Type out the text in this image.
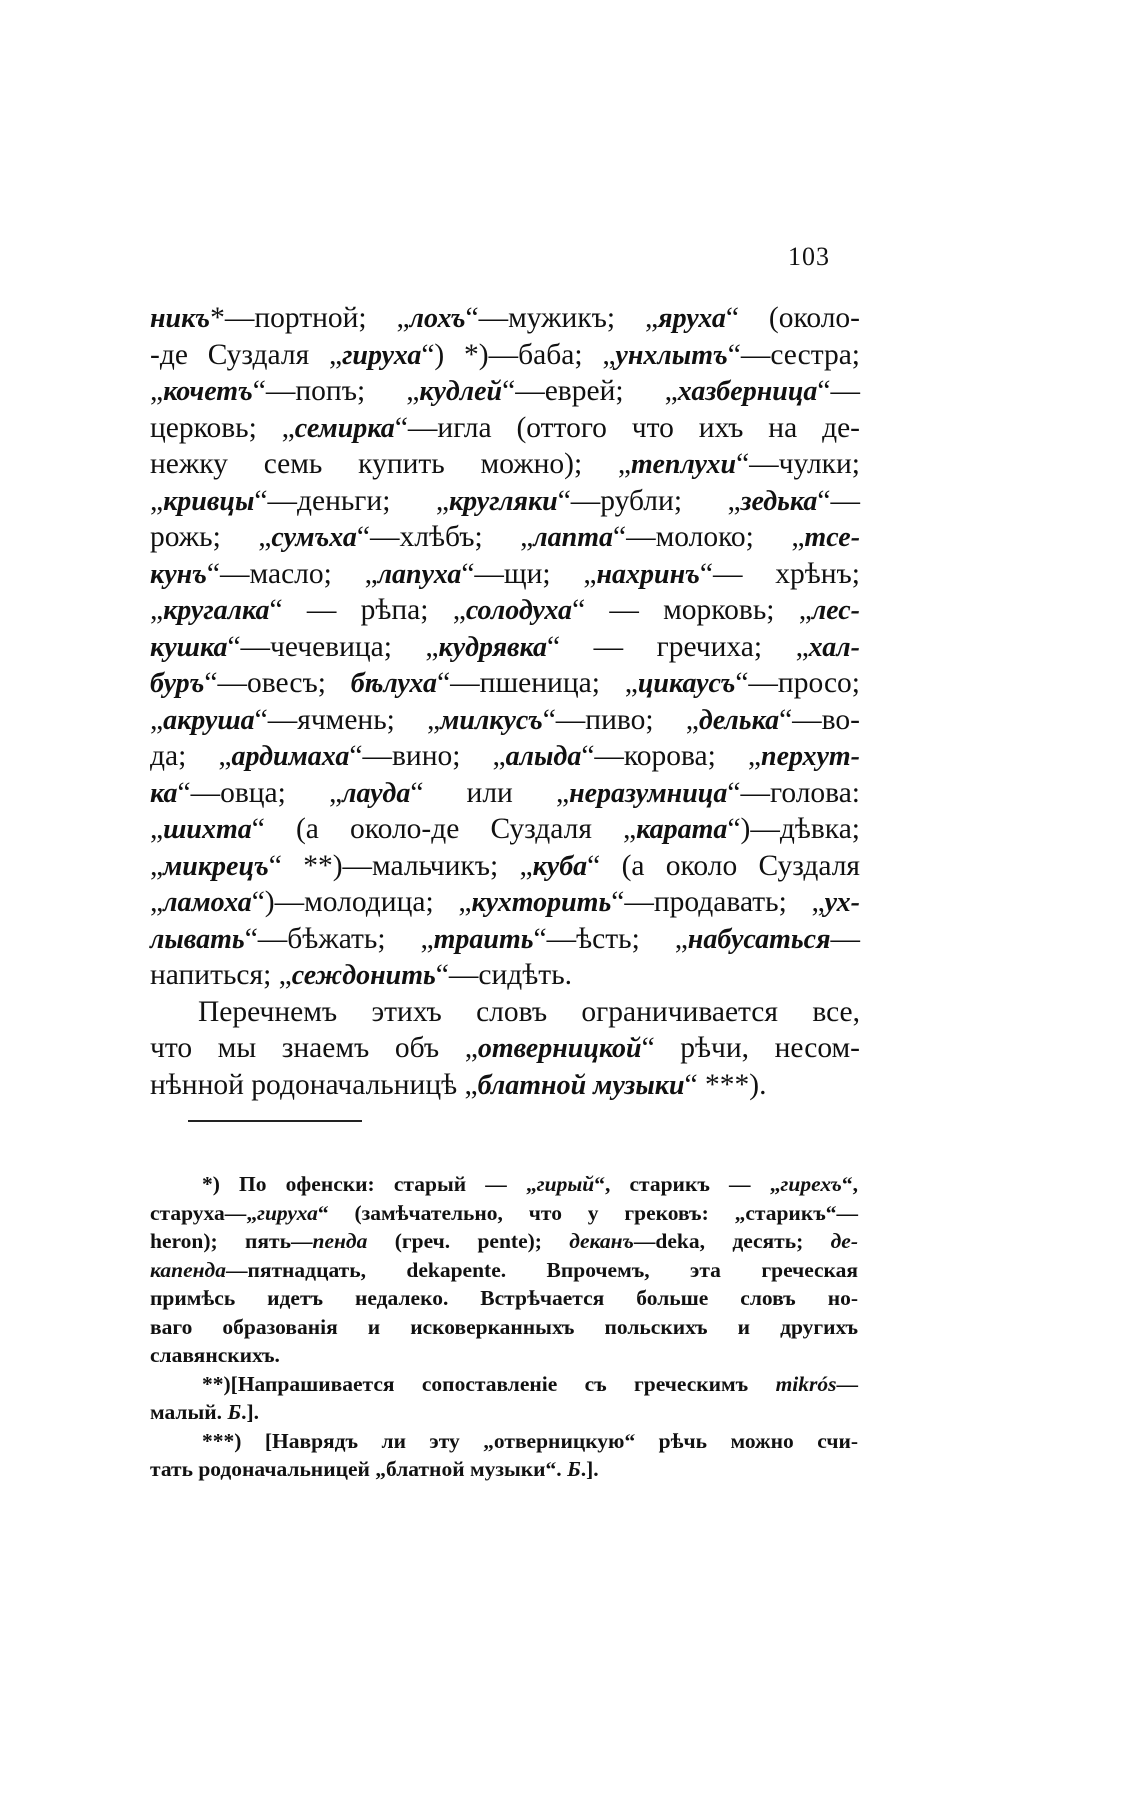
103
никъ*—портной; „лохъ“—мужикъ; „яруха“ (около-
-де Суздаля „гируха“) *)—баба; „унхлытъ“—сестра;
„кочетъ“—попъ; „кудлей“—еврей; „хазберница“—
церковь; „семирка“—игла (оттого что ихъ на де-
нежку семь купить можно); „теплухи“—чулки;
„кривцы“—деньги; „кругляки“—рубли; „зедька“—
рожь; „сумъха“—хлѣбъ; „лапта“—молоко; „тсе-
кунъ“—масло; „лапуха“—щи; „нахринъ“— хрѣнъ;
„кругалка“ — рѣпа; „солодуха“ — морковь; „лес-
кушка“—чечевица; „кудрявка“ — гречиха; „хал-
буръ“—овесъ; бѣлуха“—пшеница; „цикаусъ“—просо;
„акруша“—ячмень; „милкусъ“—пиво; „делька“—во-
да; „ардимаха“—вино; „алыда“—корова; „перхут-
ка“—овца; „лауда“ или „неразумница“—голова:
„шихта“ (а около-де Суздаля „карата“)—дѣвка;
„микрецъ“ **)—мальчикъ; „куба“ (а около Суздаля
„ламоха“)—молодица; „кухторить“—продавать; „ух-
лывать“—бѣжать; „траить“—ѣсть; „набусаться—
напиться; „сеждонить“—сидѣть.
Перечнемъ этихъ словъ ограничивается все,
что мы знаемъ объ „отверницкой“ рѣчи, несом-
нѣнной родоначальницѣ „блатной музыки“ ***).
*) По офенски: старый — „гирый“, старикъ — „гирехъ“,
старуха—„гируха“ (замѣчательно, что у грековъ: „старикъ“—
heron); пять—пенда (греч. pente); деканъ—deka, десять; де-
капенда—пятнадцать, dekapente. Впрочемъ, эта греческая
примѣсь идетъ недалеко. Встрѣчается больше словъ но-
ваго образованія и исковерканныхъ польскихъ и другихъ
славянскихъ.
**)[Напрашивается сопоставленіе съ греческимъ mikrós—
малый. Б.].
***) [Наврядъ ли эту „отверницкую“ рѣчь можно счи-
тать родоначальницей „блатной музыки“. Б.].
